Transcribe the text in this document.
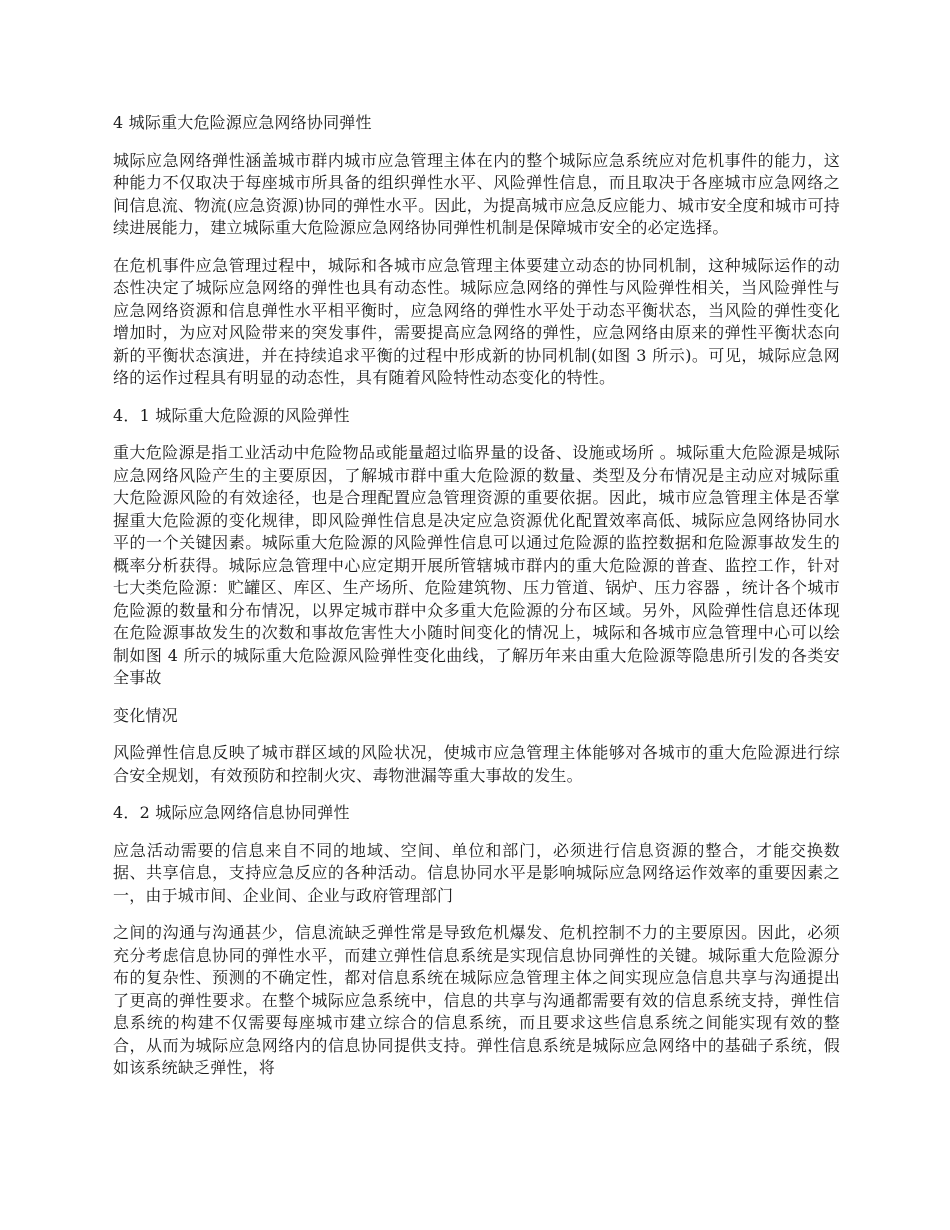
4 城际重大危险源应急网络协同弹性
城际应急网络弹性涵盖城市群内城市应急管理主体在内的整个城际应急系统应对危机事件的能力，这种能力不仅取决于每座城市所具备的组织弹性水平、风险弹性信息，而且取决于各座城市应急网络之间信息流、物流(应急资源)协同的弹性水平。因此，为提高城市应急反应能力、城市安全度和城市可持续进展能力，建立城际重大危险源应急网络协同弹性机制是保障城市安全的必定选择。
在危机事件应急管理过程中，城际和各城市应急管理主体要建立动态的协同机制，这种城际运作的动态性决定了城际应急网络的弹性也具有动态性。城际应急网络的弹性与风险弹性相关，当风险弹性与应急网络资源和信息弹性水平相平衡时，应急网络的弹性水平处于动态平衡状态，当风险的弹性变化增加时，为应对风险带来的突发事件，需要提高应急网络的弹性，应急网络由原来的弹性平衡状态向新的平衡状态演进，并在持续追求平衡的过程中形成新的协同机制(如图 3 所示)。可见，城际应急网络的运作过程具有明显的动态性，具有随着风险特性动态变化的特性。
4．1 城际重大危险源的风险弹性
重大危险源是指工业活动中危险物品或能量超过临界量的设备、设施或场所 。城际重大危险源是城际应急网络风险产生的主要原因，了解城市群中重大危险源的数量、类型及分布情况是主动应对城际重大危险源风险的有效途径，也是合理配置应急管理资源的重要依据。因此，城市应急管理主体是否掌握重大危险源的变化规律，即风险弹性信息是决定应急资源优化配置效率高低、城际应急网络协同水平的一个关键因素。城际重大危险源的风险弹性信息可以通过危险源的监控数据和危险源事故发生的概率分析获得。城际应急管理中心应定期开展所管辖城市群内的重大危险源的普查、监控工作，针对七大类危险源：贮罐区、库区、生产场所、危险建筑物、压力管道、锅炉、压力容器 ，统计各个城市危险源的数量和分布情况，以界定城市群中众多重大危险源的分布区域。另外，风险弹性信息还体现在危险源事故发生的次数和事故危害性大小随时间变化的情况上，城际和各城市应急管理中心可以绘制如图 4 所示的城际重大危险源风险弹性变化曲线，了解历年来由重大危险源等隐患所引发的各类安全事故
变化情况
风险弹性信息反映了城市群区域的风险状况，使城市应急管理主体能够对各城市的重大危险源进行综合安全规划，有效预防和控制火灾、毒物泄漏等重大事故的发生。
4．2 城际应急网络信息协同弹性
应急活动需要的信息来自不同的地域、空间、单位和部门，必须进行信息资源的整合，才能交换数据、共享信息，支持应急反应的各种活动。信息协同水平是影响城际应急网络运作效率的重要因素之一，由于城市间、企业间、企业与政府管理部门
之间的沟通与沟通甚少，信息流缺乏弹性常是导致危机爆发、危机控制不力的主要原因。因此，必须充分考虑信息协同的弹性水平，而建立弹性信息系统是实现信息协同弹性的关键。城际重大危险源分布的复杂性、预测的不确定性，都对信息系统在城际应急管理主体之间实现应急信息共享与沟通提出了更高的弹性要求。在整个城际应急系统中，信息的共享与沟通都需要有效的信息系统支持，弹性信息系统的构建不仅需要每座城市建立综合的信息系统，而且要求这些信息系统之间能实现有效的整合，从而为城际应急网络内的信息协同提供支持。弹性信息系统是城际应急网络中的基础子系统，假如该系统缺乏弹性，将
